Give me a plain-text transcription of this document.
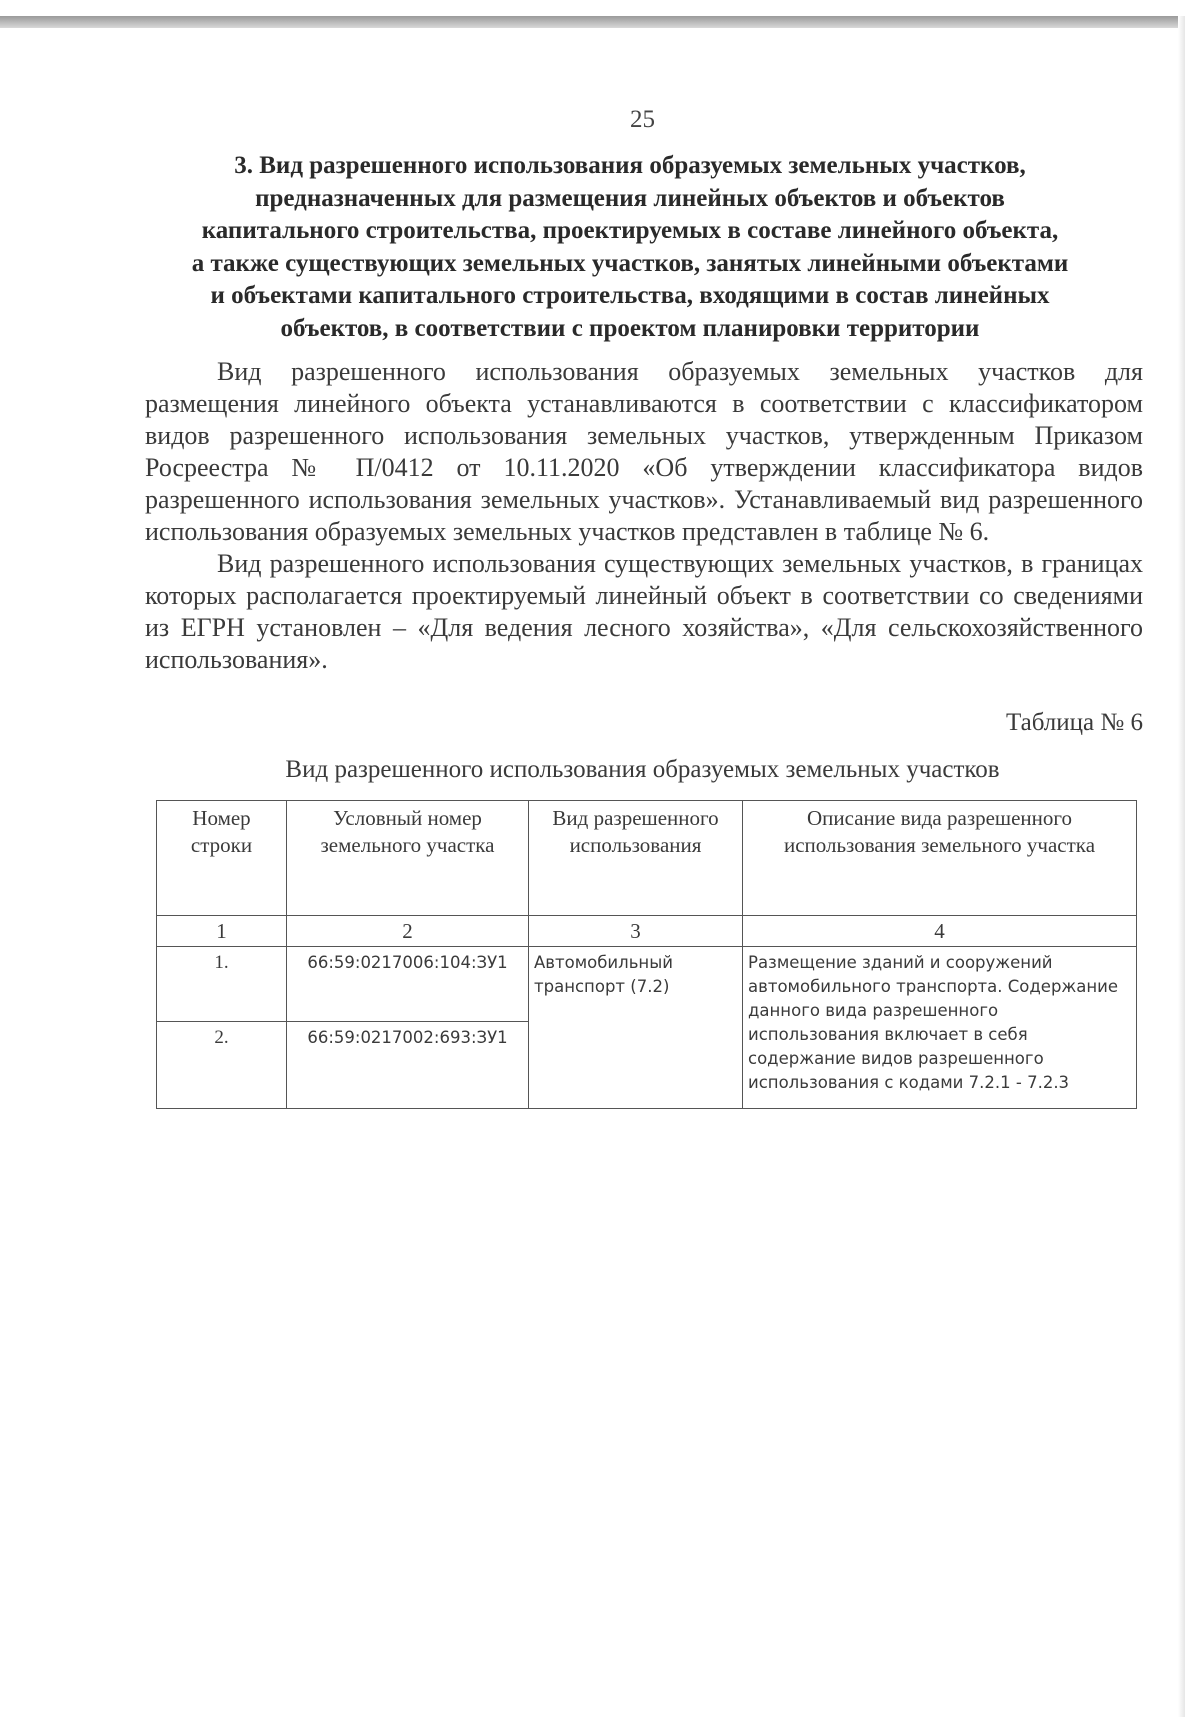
25
3. Вид разрешенного использования образуемых земельных участков,
предназначенных для размещения линейных объектов и объектов
капитального строительства, проектируемых в составе линейного объекта,
а также существующих земельных участков, занятых линейными объектами
и объектами капитального строительства, входящими в состав линейных
объектов, в соответствии с проектом планировки территории

Вид разрешенного использования образуемых земельных участков для размещения линейного объекта устанавливаются в соответствии с классификатором видов разрешенного использования земельных участков, утвержденным Приказом Росреестра № П/0412 от 10.11.2020 «Об утверждении классификатора видов разрешенного использования земельных участков». Устанавливаемый вид разрешенного использования образуемых земельных участков представлен в таблице № 6.

Вид разрешенного использования существующих земельных участков, в границах которых располагается проектируемый линейный объект в соответствии со сведениями из ЕГРН установлен – «Для ведения лесного хозяйства», «Для сельскохозяйственного использования».

Таблица № 6
Вид разрешенного использования образуемых земельных участков
Номер строки	Условный номер земельного участка	Вид разрешенного использования	Описание вида разрешенного использования земельного участка
1	2	3	4
1.	66:59:0217006:104:ЗУ1	Автомобильный транспорт (7.2)	Размещение зданий и сооружений автомобильного транспорта. Содержание данного вида разрешенного использования включает в себя содержание видов разрешенного использования с кодами 7.2.1 - 7.2.3
2.	66:59:0217002:693:ЗУ1		
